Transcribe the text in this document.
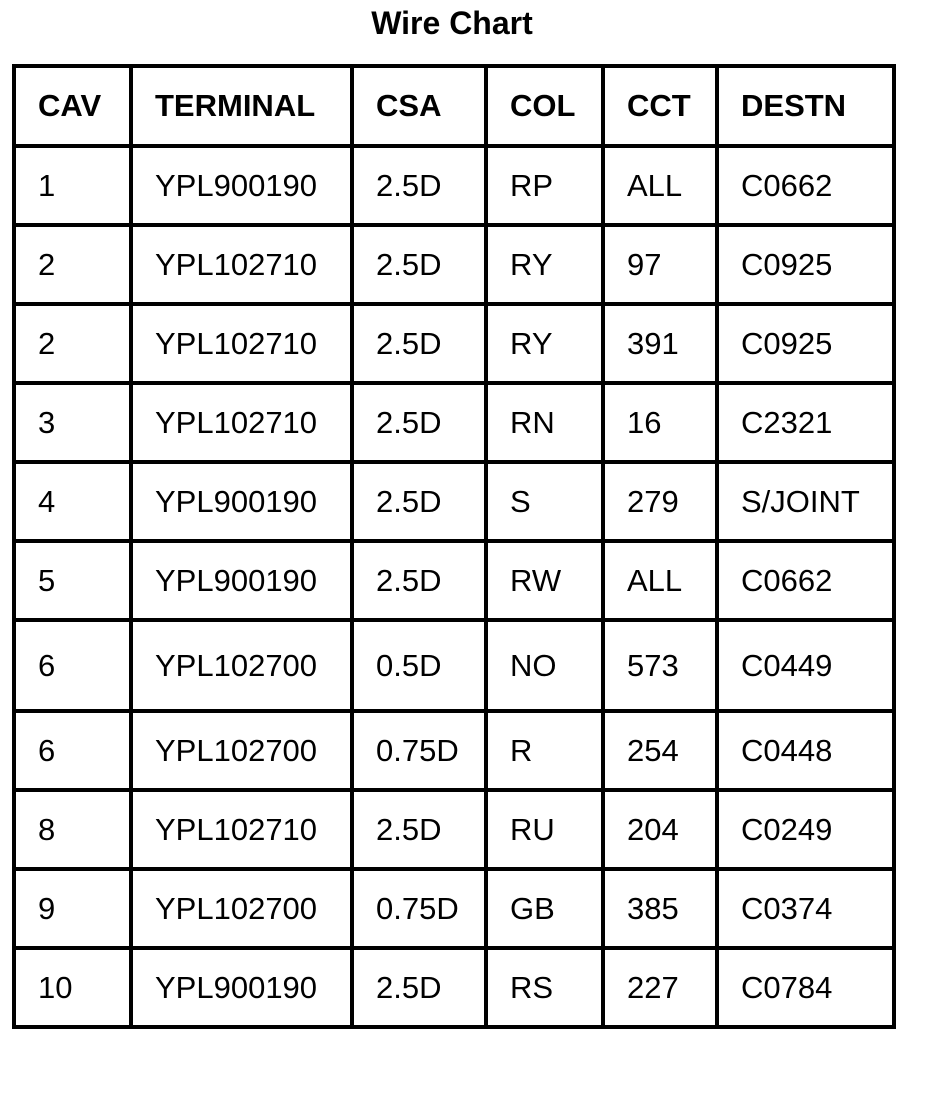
Wire Chart
CAV	TERMINAL	CSA	COL	CCT	DESTN
1	YPL900190	2.5D	RP	ALL	C0662
2	YPL102710	2.5D	RY	97	C0925
2	YPL102710	2.5D	RY	391	C0925
3	YPL102710	2.5D	RN	16	C2321
4	YPL900190	2.5D	S	279	S/JOINT
5	YPL900190	2.5D	RW	ALL	C0662
6	YPL102700	0.5D	NO	573	C0449
6	YPL102700	0.75D	R	254	C0448
8	YPL102710	2.5D	RU	204	C0249
9	YPL102700	0.75D	GB	385	C0374
10	YPL900190	2.5D	RS	227	C0784
